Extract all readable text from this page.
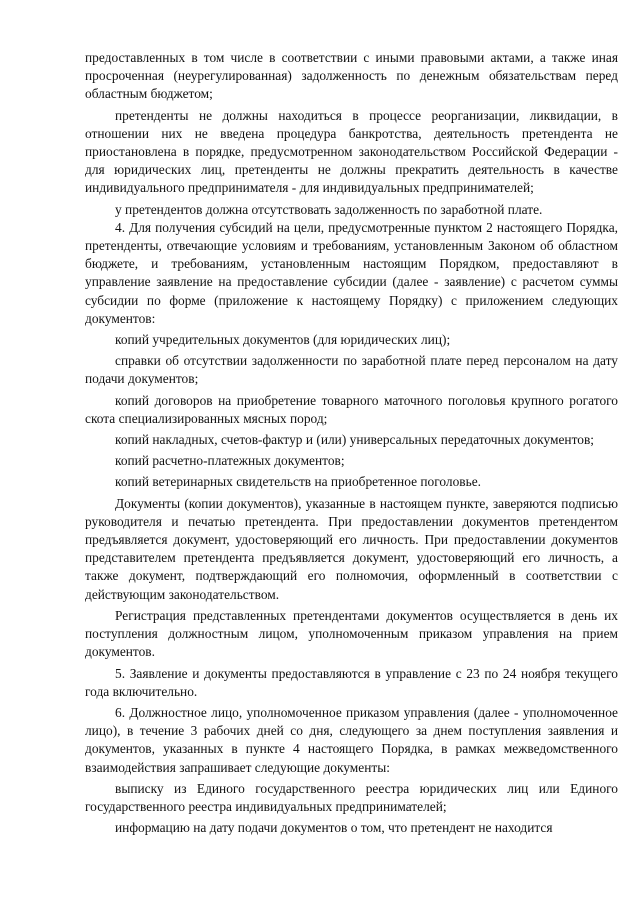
предоставленных в том числе в соответствии с иными правовыми актами, а также иная просроченная (неурегулированная) задолженность по денежным обязательствам перед областным бюджетом;

претенденты не должны находиться в процессе реорганизации, ликвидации, в отношении них не введена процедура банкротства, деятельность претендента не приостановлена в порядке, предусмотренном законодательством Российской Федерации - для юридических лиц, претенденты не должны прекратить деятельность в качестве индивидуального предпринимателя - для индивидуальных предпринимателей;

у претендентов должна отсутствовать задолженность по заработной плате.

4. Для получения субсидий на цели, предусмотренные пунктом 2 настоящего Порядка, претенденты, отвечающие условиям и требованиям, установленным Законом об областном бюджете, и требованиям, установленным настоящим Порядком, предоставляют в управление заявление на предоставление субсидии (далее - заявление) с расчетом суммы субсидии по форме (приложение к настоящему Порядку) с приложением следующих документов:

копий учредительных документов (для юридических лиц);

справки об отсутствии задолженности по заработной плате перед персоналом на дату подачи документов;

копий договоров на приобретение товарного маточного поголовья крупного рогатого скота специализированных мясных пород;

копий накладных, счетов-фактур и (или) универсальных передаточных документов;

копий расчетно-платежных документов;

копий ветеринарных свидетельств на приобретенное поголовье.

Документы (копии документов), указанные в настоящем пункте, заверяются подписью руководителя и печатью претендента. При предоставлении документов претендентом предъявляется документ, удостоверяющий его личность. При предоставлении документов представителем претендента предъявляется документ, удостоверяющий его личность, а также документ, подтверждающий его полномочия, оформленный в соответствии с действующим законодательством.

Регистрация представленных претендентами документов осуществляется в день их поступления должностным лицом, уполномоченным приказом управления на прием документов.

5. Заявление и документы предоставляются в управление с 23 по 24 ноября текущего года включительно.

6. Должностное лицо, уполномоченное приказом управления (далее - уполномоченное лицо), в течение 3 рабочих дней со дня, следующего за днем поступления заявления и документов, указанных в пункте 4 настоящего Порядка, в рамках межведомственного взаимодействия запрашивает следующие документы:

выписку из Единого государственного реестра юридических лиц или Единого государственного реестра индивидуальных предпринимателей;

информацию на дату подачи документов о том, что претендент не находится
